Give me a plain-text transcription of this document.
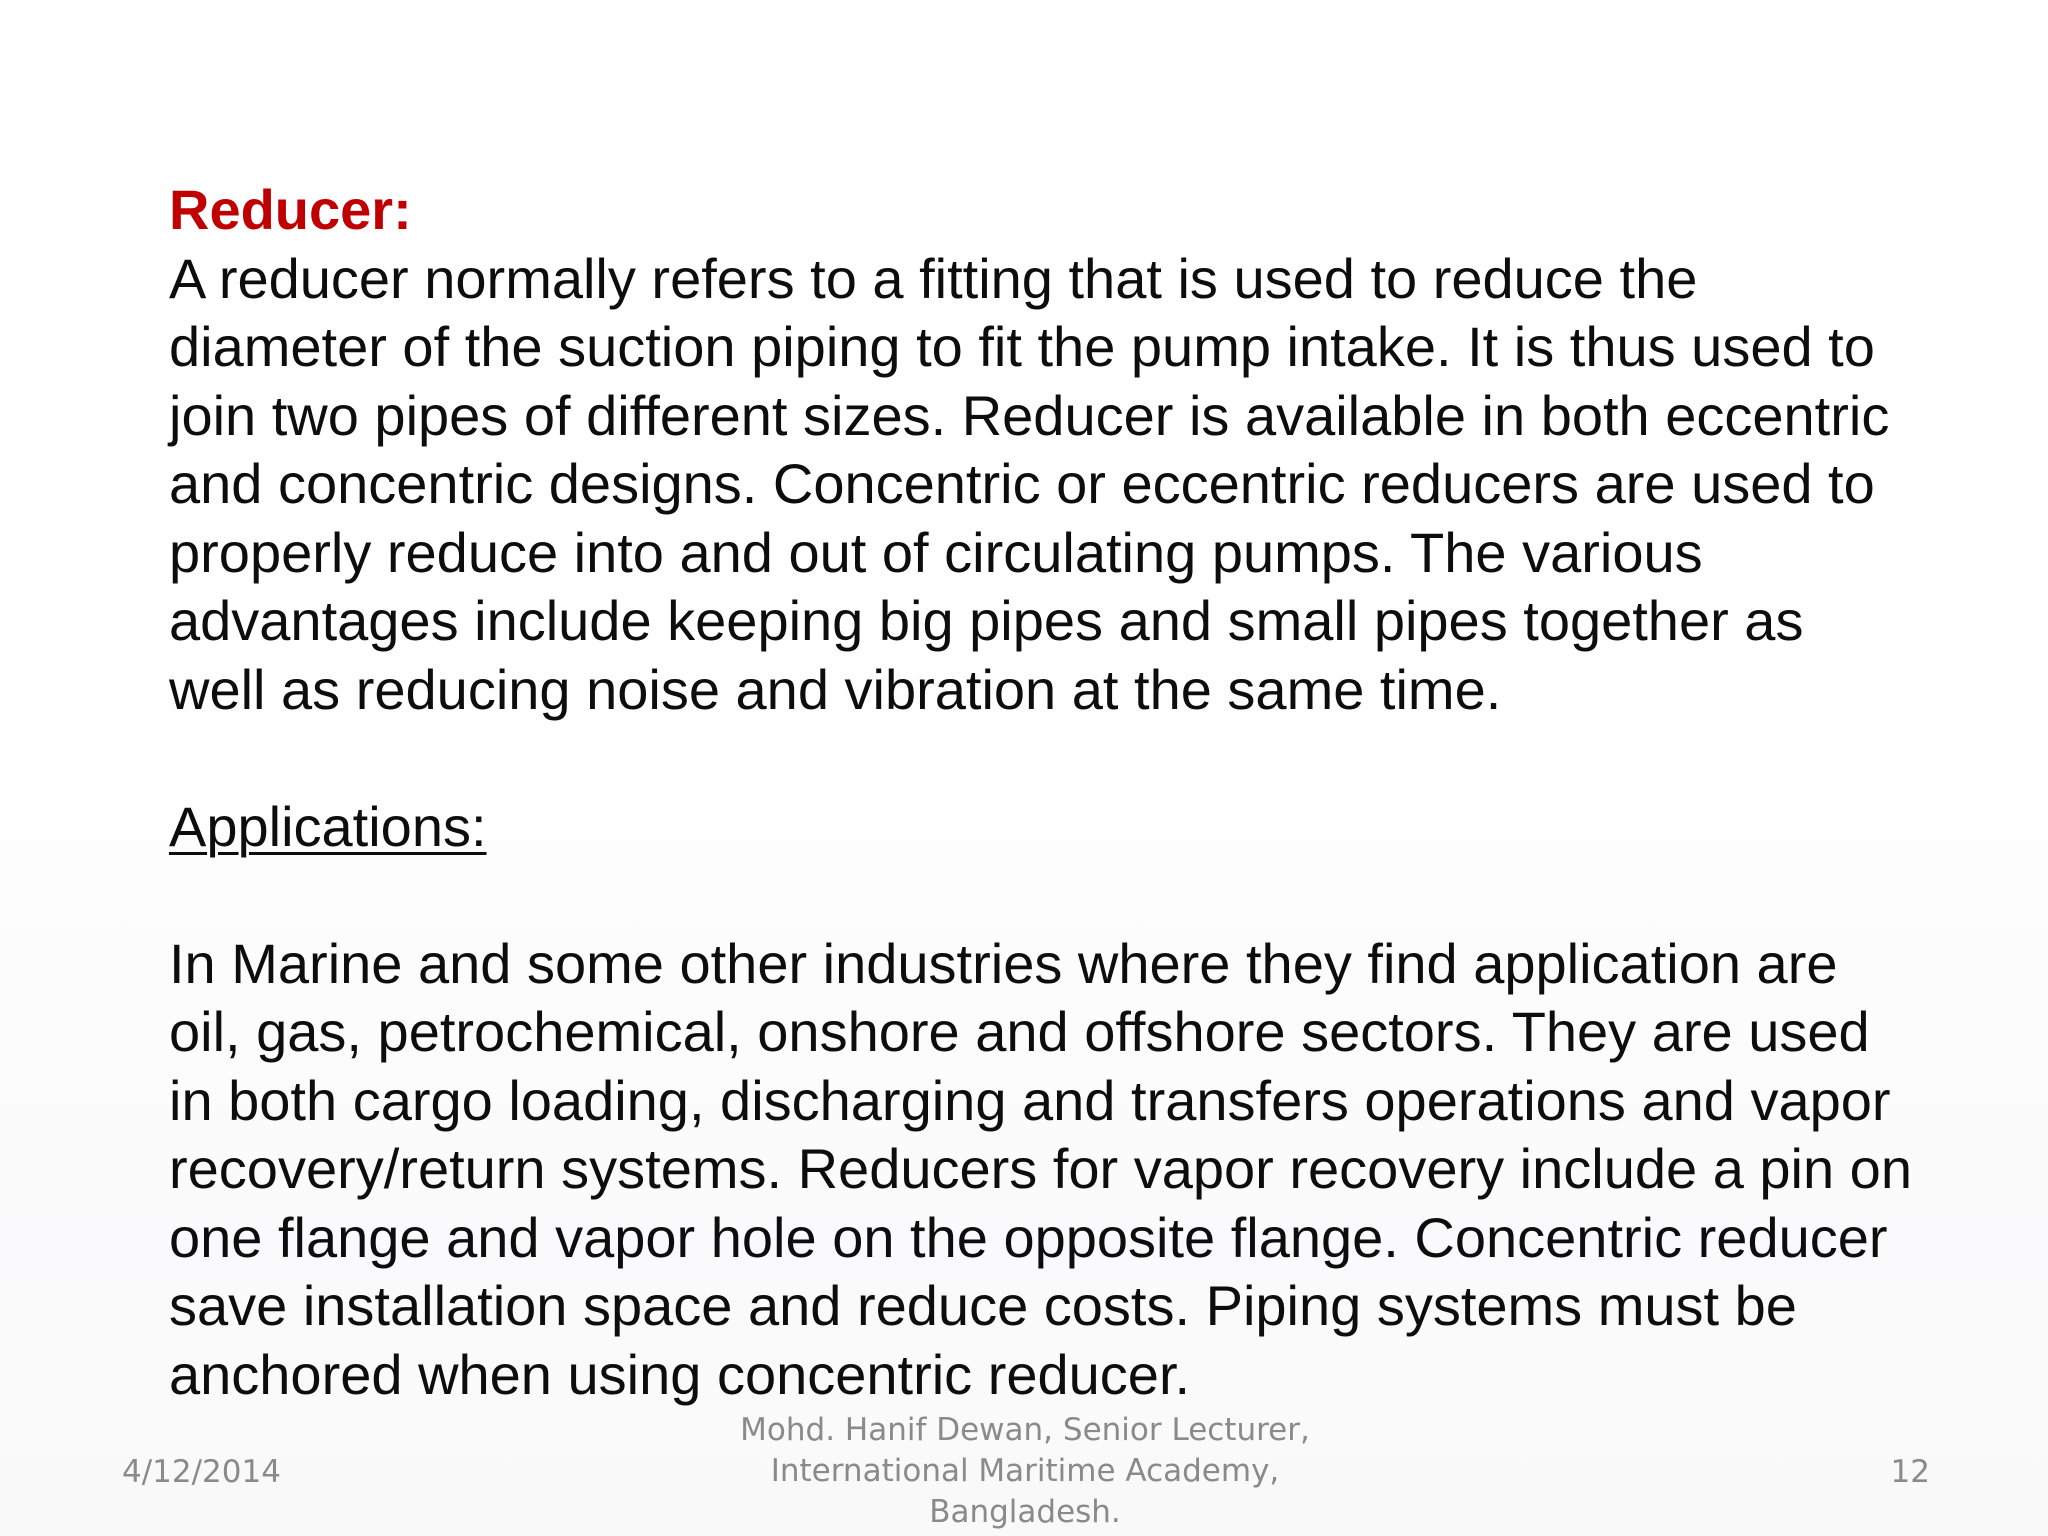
Reducer:
A reducer normally refers to a fitting that is used to reduce the
diameter of the suction piping to fit the pump intake. It is thus used to
join two pipes of different sizes. Reducer is available in both eccentric
and concentric designs. Concentric or eccentric reducers are used to
properly reduce into and out of circulating pumps. The various
advantages include keeping big pipes and small pipes together as
well as reducing noise and vibration at the same time.
Applications:
In Marine and some other industries where they find application are
oil, gas, petrochemical, onshore and offshore sectors. They are used
in both cargo loading, discharging and transfers operations and vapor
recovery/return systems. Reducers for vapor recovery include a pin on
one flange and vapor hole on the opposite flange. Concentric reducer
save installation space and reduce costs. Piping systems must be
anchored when using concentric reducer.
4/12/2014
Mohd. Hanif Dewan, Senior Lecturer,
International Maritime Academy,
Bangladesh.
12
